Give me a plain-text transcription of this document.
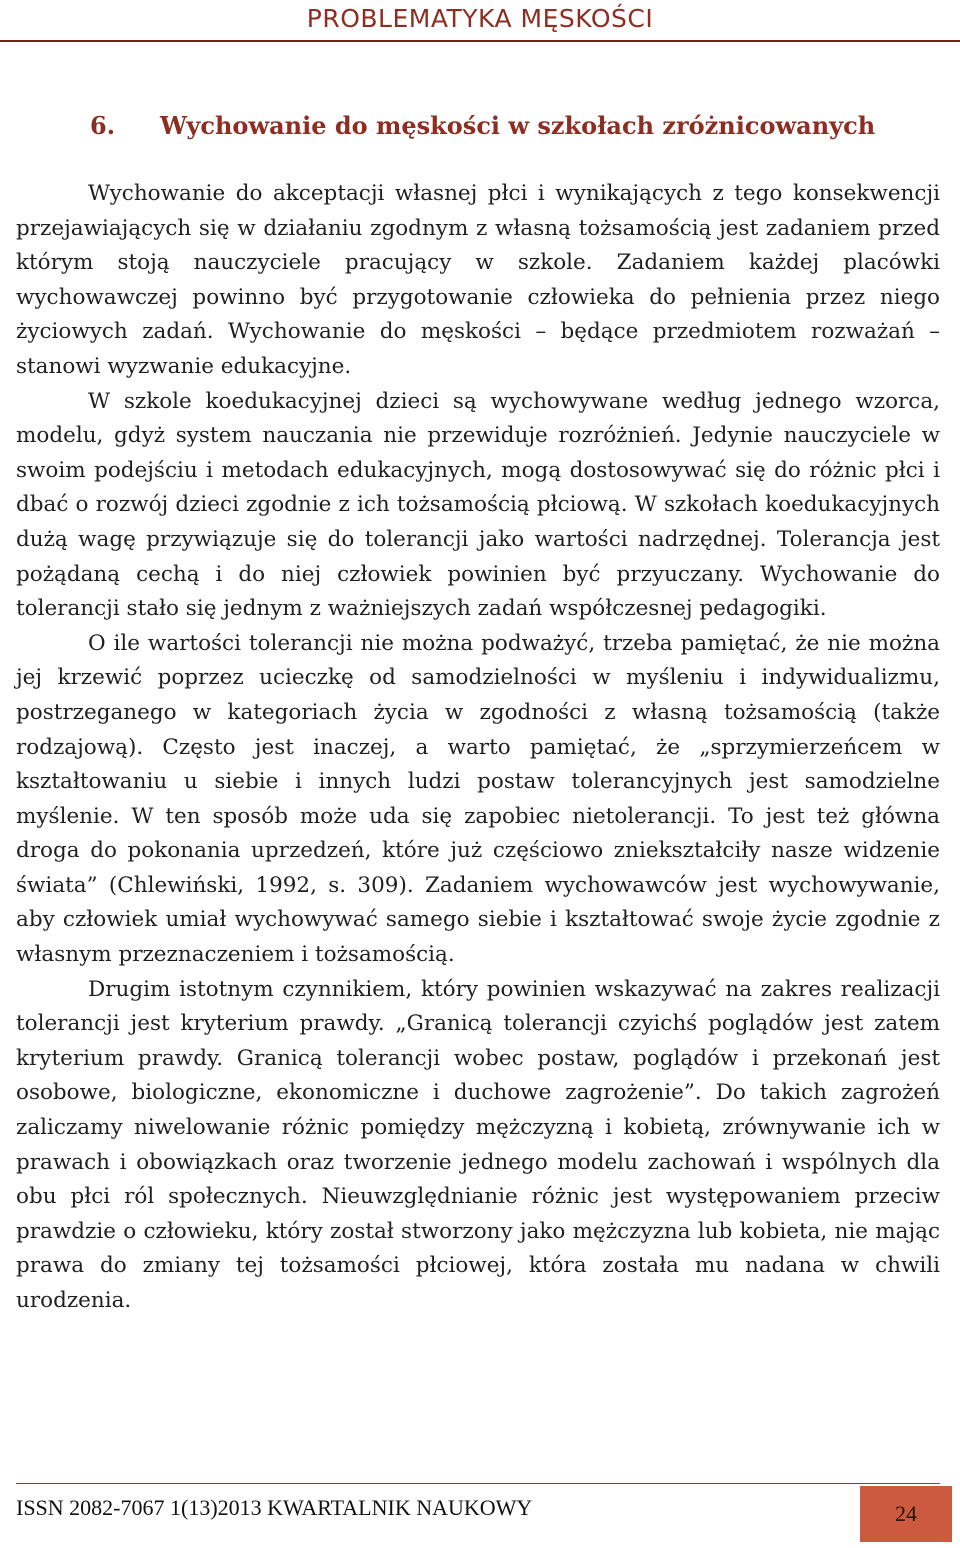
PROBLEMATYKA MĘSKOŚCI
6. Wychowanie do męskości w szkołach zróżnicowanych

Wychowanie do akceptacji własnej płci i wynikających z tego konsekwencji przejawiających się w działaniu zgodnym z własną tożsamością jest zadaniem przed którym stoją nauczyciele pracujący w szkole. Zadaniem każdej placówki wychowawczej powinno być przygotowanie człowieka do pełnienia przez niego życiowych zadań. Wychowanie do męskości – będące przedmiotem rozważań – stanowi wyzwanie edukacyjne.

W szkole koedukacyjnej dzieci są wychowywane według jednego wzorca, modelu, gdyż system nauczania nie przewiduje rozróżnień. Jedynie nauczyciele w swoim podejściu i metodach edukacyjnych, mogą dostosowywać się do różnic płci i dbać o rozwój dzieci zgodnie z ich tożsamością płciową. W szkołach koedukacyjnych dużą wagę przywiązuje się do tolerancji jako wartości nadrzędnej. Tolerancja jest pożądaną cechą i do niej człowiek powinien być przyuczany. Wychowanie do tolerancji stało się jednym z ważniejszych zadań współczesnej pedagogiki.

O ile wartości tolerancji nie można podważyć, trzeba pamiętać, że nie można jej krzewić poprzez ucieczkę od samodzielności w myśleniu i indywidualizmu, postrzeganego w kategoriach życia w zgodności z własną tożsamością (także rodzajową). Często jest inaczej, a warto pamiętać, że „sprzymierzeńcem w kształtowaniu u siebie i innych ludzi postaw tolerancyjnych jest samodzielne myślenie. W ten sposób może uda się zapobiec nietolerancji. To jest też główna droga do pokonania uprzedzeń, które już częściowo zniekształciły nasze widzenie świata” (Chlewiński, 1992, s. 309). Zadaniem wychowawców jest wychowywanie, aby człowiek umiał wychowywać samego siebie i kształtować swoje życie zgodnie z własnym przeznaczeniem i tożsamością.

Drugim istotnym czynnikiem, który powinien wskazywać na zakres realizacji tolerancji jest kryterium prawdy. „Granicą tolerancji czyichś poglądów jest zatem kryterium prawdy. Granicą tolerancji wobec postaw, poglądów i przekonań jest osobowe, biologiczne, ekonomiczne i duchowe zagrożenie”. Do takich zagrożeń zaliczamy niwelowanie różnic pomiędzy mężczyzną i kobietą, zrównywanie ich w prawach i obowiązkach oraz tworzenie jednego modelu zachowań i wspólnych dla obu płci ról społecznych. Nieuwzględnianie różnic jest występowaniem przeciw prawdzie o człowieku, który został stworzony jako mężczyzna lub kobieta, nie mając prawa do zmiany tej tożsamości płciowej, która została mu nadana w chwili urodzenia.

ISSN 2082-7067 1(13)2013 KWARTALNIK NAUKOWY	24
